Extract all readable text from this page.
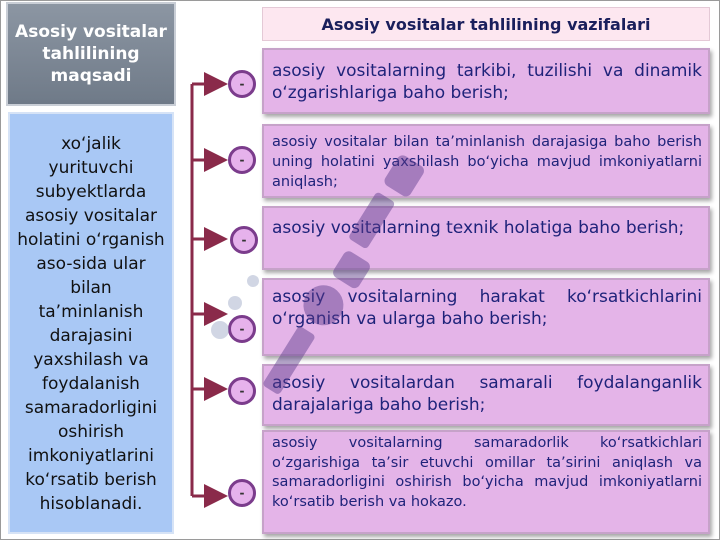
Asosiy vositalar tahlilining maqsadi
xo‘jalik yurituvchi subyektlarda asosiy vositalar holatini o‘rganish aso-sida ular bilan ta’minlanish darajasini yaxshilash va foydalanish samaradorligini oshirish imkoniyatlarini ko‘rsatib berish hisoblanadi.
Asosiy vositalar tahlilining vazifalari
-
-
-
-
-
-
asosiy vositalarning tarkibi, tuzilishi va dinamik o‘zgarishlariga baho berish;
asosiy vositalar bilan ta’minlanish darajasiga baho berish uning holatini yaxshilash bo‘yicha mavjud imkoniyatlarni aniqlash;
asosiy vositalarning texnik holatiga baho berish;
asosiy vositalarning harakat ko‘rsatkichlarini o‘rganish va ularga baho berish;
asosiy vositalardan samarali foydalanganlik darajalariga baho berish;
asosiy vositalarning samaradorlik ko‘rsatkichlari o‘zgarishiga ta’sir etuvchi omillar ta’sirini aniqlash va samaradorligini oshirish bo‘yicha mavjud imkoniyatlarni ko‘rsatib berish va hokazo.
